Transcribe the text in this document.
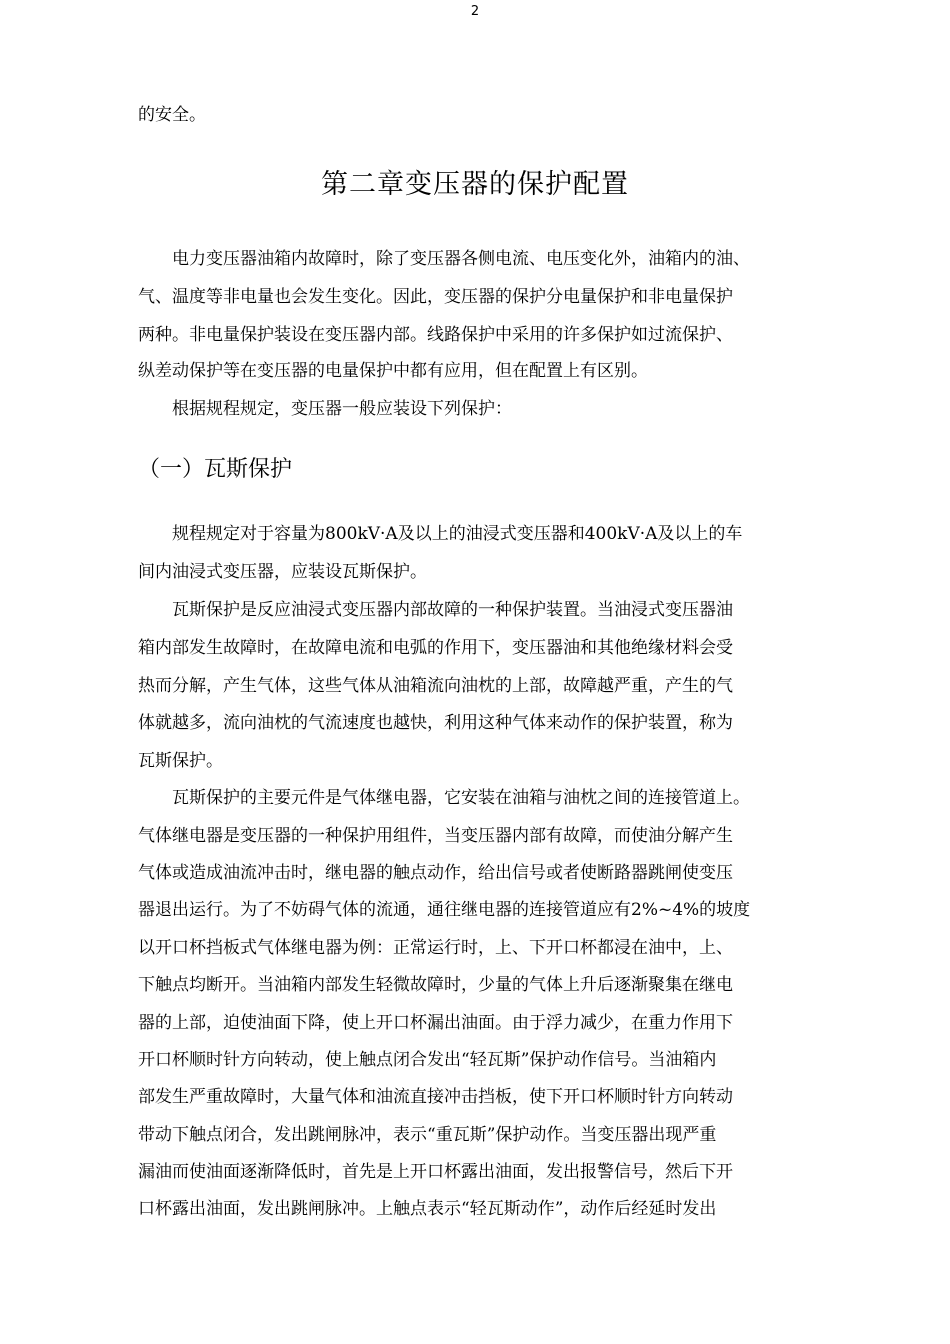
2
的安全。
第二章变压器的保护配置
电力变压器油箱内故障时，除了变压器各侧电流、电压变化外，油箱内的油、
气、温度等非电量也会发生变化。因此，变压器的保护分电量保护和非电量保护
两种。非电量保护装设在变压器内部。线路保护中采用的许多保护如过流保护、
纵差动保护等在变压器的电量保护中都有应用，但在配置上有区别。
根据规程规定，变压器一般应装设下列保护：
（一）瓦斯保护
规程规定对于容量为800kV·A及以上的油浸式变压器和400kV·A及以上的车
间内油浸式变压器，应装设瓦斯保护。
瓦斯保护是反应油浸式变压器内部故障的一种保护装置。当油浸式变压器油
箱内部发生故障时，在故障电流和电弧的作用下，变压器油和其他绝缘材料会受
热而分解，产生气体，这些气体从油箱流向油枕的上部，故障越严重，产生的气
体就越多，流向油枕的气流速度也越快，利用这种气体来动作的保护装置，称为
瓦斯保护。
瓦斯保护的主要元件是气体继电器，它安装在油箱与油枕之间的连接管道上。
气体继电器是变压器的一种保护用组件，当变压器内部有故障，而使油分解产生
气体或造成油流冲击时，继电器的触点动作，给出信号或者使断路器跳闸使变压
器退出运行。为了不妨碍气体的流通，通往继电器的连接管道应有2%~4%的坡度
以开口杯挡板式气体继电器为例：正常运行时，上、下开口杯都浸在油中，上、
下触点均断开。当油箱内部发生轻微故障时，少量的气体上升后逐渐聚集在继电
器的上部，迫使油面下降，使上开口杯漏出油面。由于浮力减少，在重力作用下
开口杯顺时针方向转动，使上触点闭合发出“轻瓦斯”保护动作信号。当油箱内
部发生严重故障时，大量气体和油流直接冲击挡板，使下开口杯顺时针方向转动
带动下触点闭合，发出跳闸脉冲，表示“重瓦斯”保护动作。当变压器出现严重
漏油而使油面逐渐降低时，首先是上开口杯露出油面，发出报警信号，然后下开
口杯露出油面，发出跳闸脉冲。上触点表示“轻瓦斯动作”，动作后经延时发出
